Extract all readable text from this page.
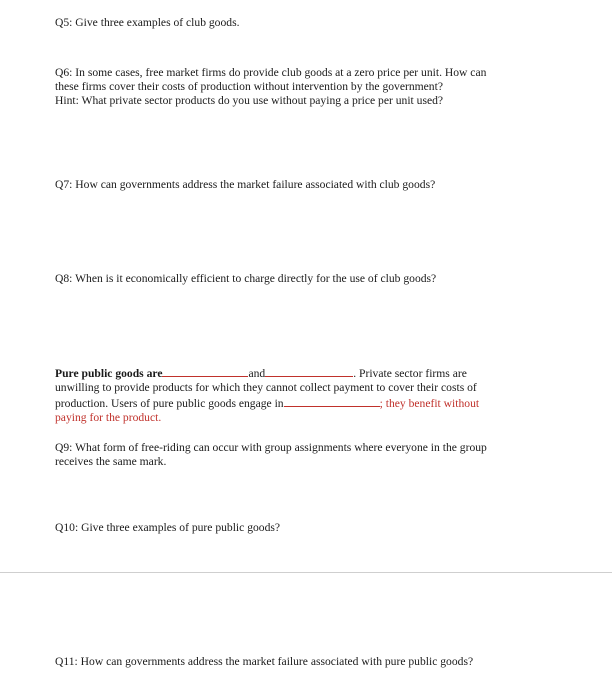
Q5: Give three examples of club goods.

Q6: In some cases, free market firms do provide club goods at a zero price per unit. How can

these firms cover their costs of production without intervention by the government?

Hint: What private sector products do you use without paying a price per unit used?

Q7: How can governments address the market failure associated with club goods?

Q8: When is it economically efficient to charge directly for the use of club goods?

Pure public goods are	and	. Private sector firms are

unwilling to provide products for which they cannot collect payment to cover their costs of

production. Users of pure public goods engage in	; they benefit without

paying for the product.

Q9: What form of free-riding can occur with group assignments where everyone in the group

receives the same mark.

Q10: Give three examples of pure public goods?

Q11: How can governments address the market failure associated with pure public goods?
